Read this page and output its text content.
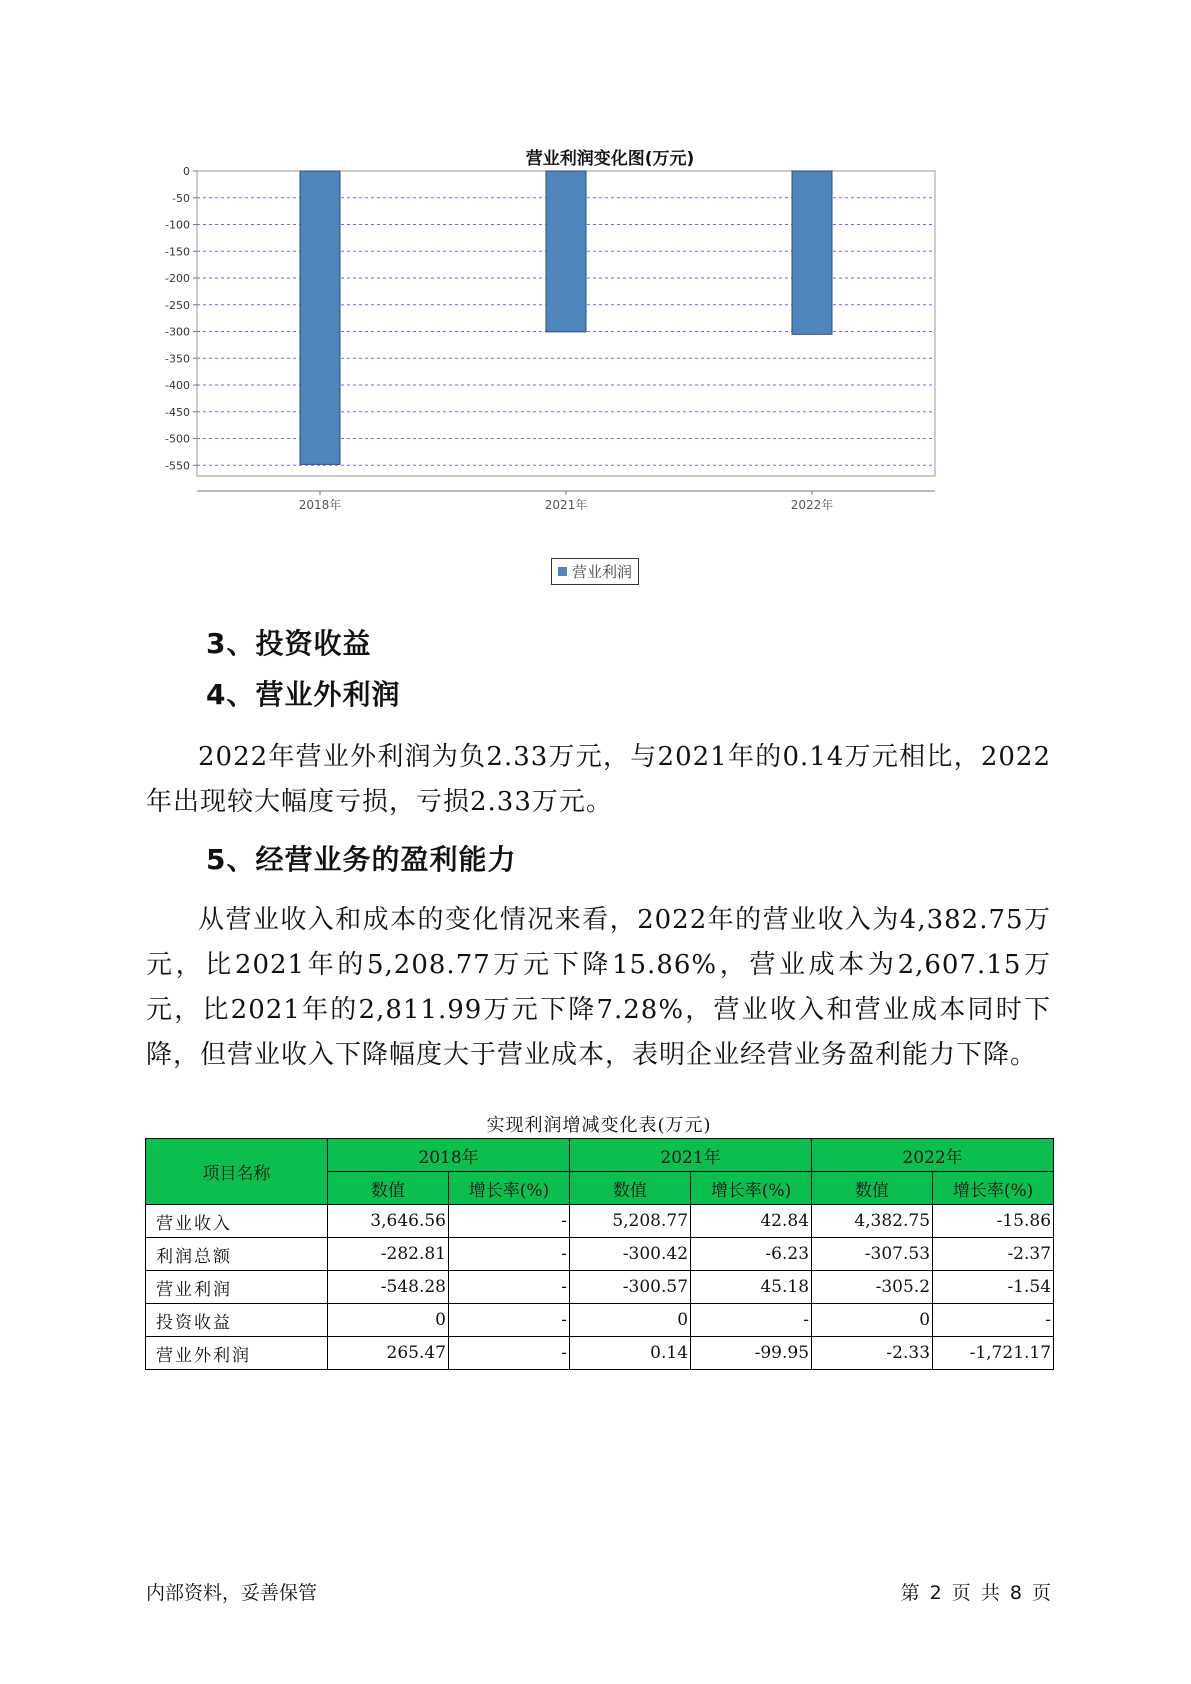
营业利润变化图(万元)
0
-50
-100
-150
-200
-250
-300
-350
-400
-450
-500
-550
2018年	2021年	2022年
营业利润
3、投资收益
4、营业外利润
2022年营业外利润为负2.33万元，与2021年的0.14万元相比，2022年出现较大幅度亏损，亏损2.33万元。
5、经营业务的盈利能力
从营业收入和成本的变化情况来看，2022年的营业收入为4,382.75万元，比2021年的5,208.77万元下降15.86%，营业成本为2,607.15万元，比2021年的2,811.99万元下降7.28%，营业收入和营业成本同时下降，但营业收入下降幅度大于营业成本，表明企业经营业务盈利能力下降。
实现利润增减变化表(万元)
项目名称	2018年		2021年		2022年	
	数值	增长率(%)	数值	增长率(%)	数值	增长率(%)
营业收入	3,646.56	-	5,208.77	42.84	4,382.75	-15.86
利润总额	-282.81	-	-300.42	-6.23	-307.53	-2.37
营业利润	-548.28	-	-300.57	45.18	-305.2	-1.54
投资收益	0	-	0	-	0	-
营业外利润	265.47	-	0.14	-99.95	-2.33	-1,721.17
内部资料，妥善保管	第 2 页 共 8 页
